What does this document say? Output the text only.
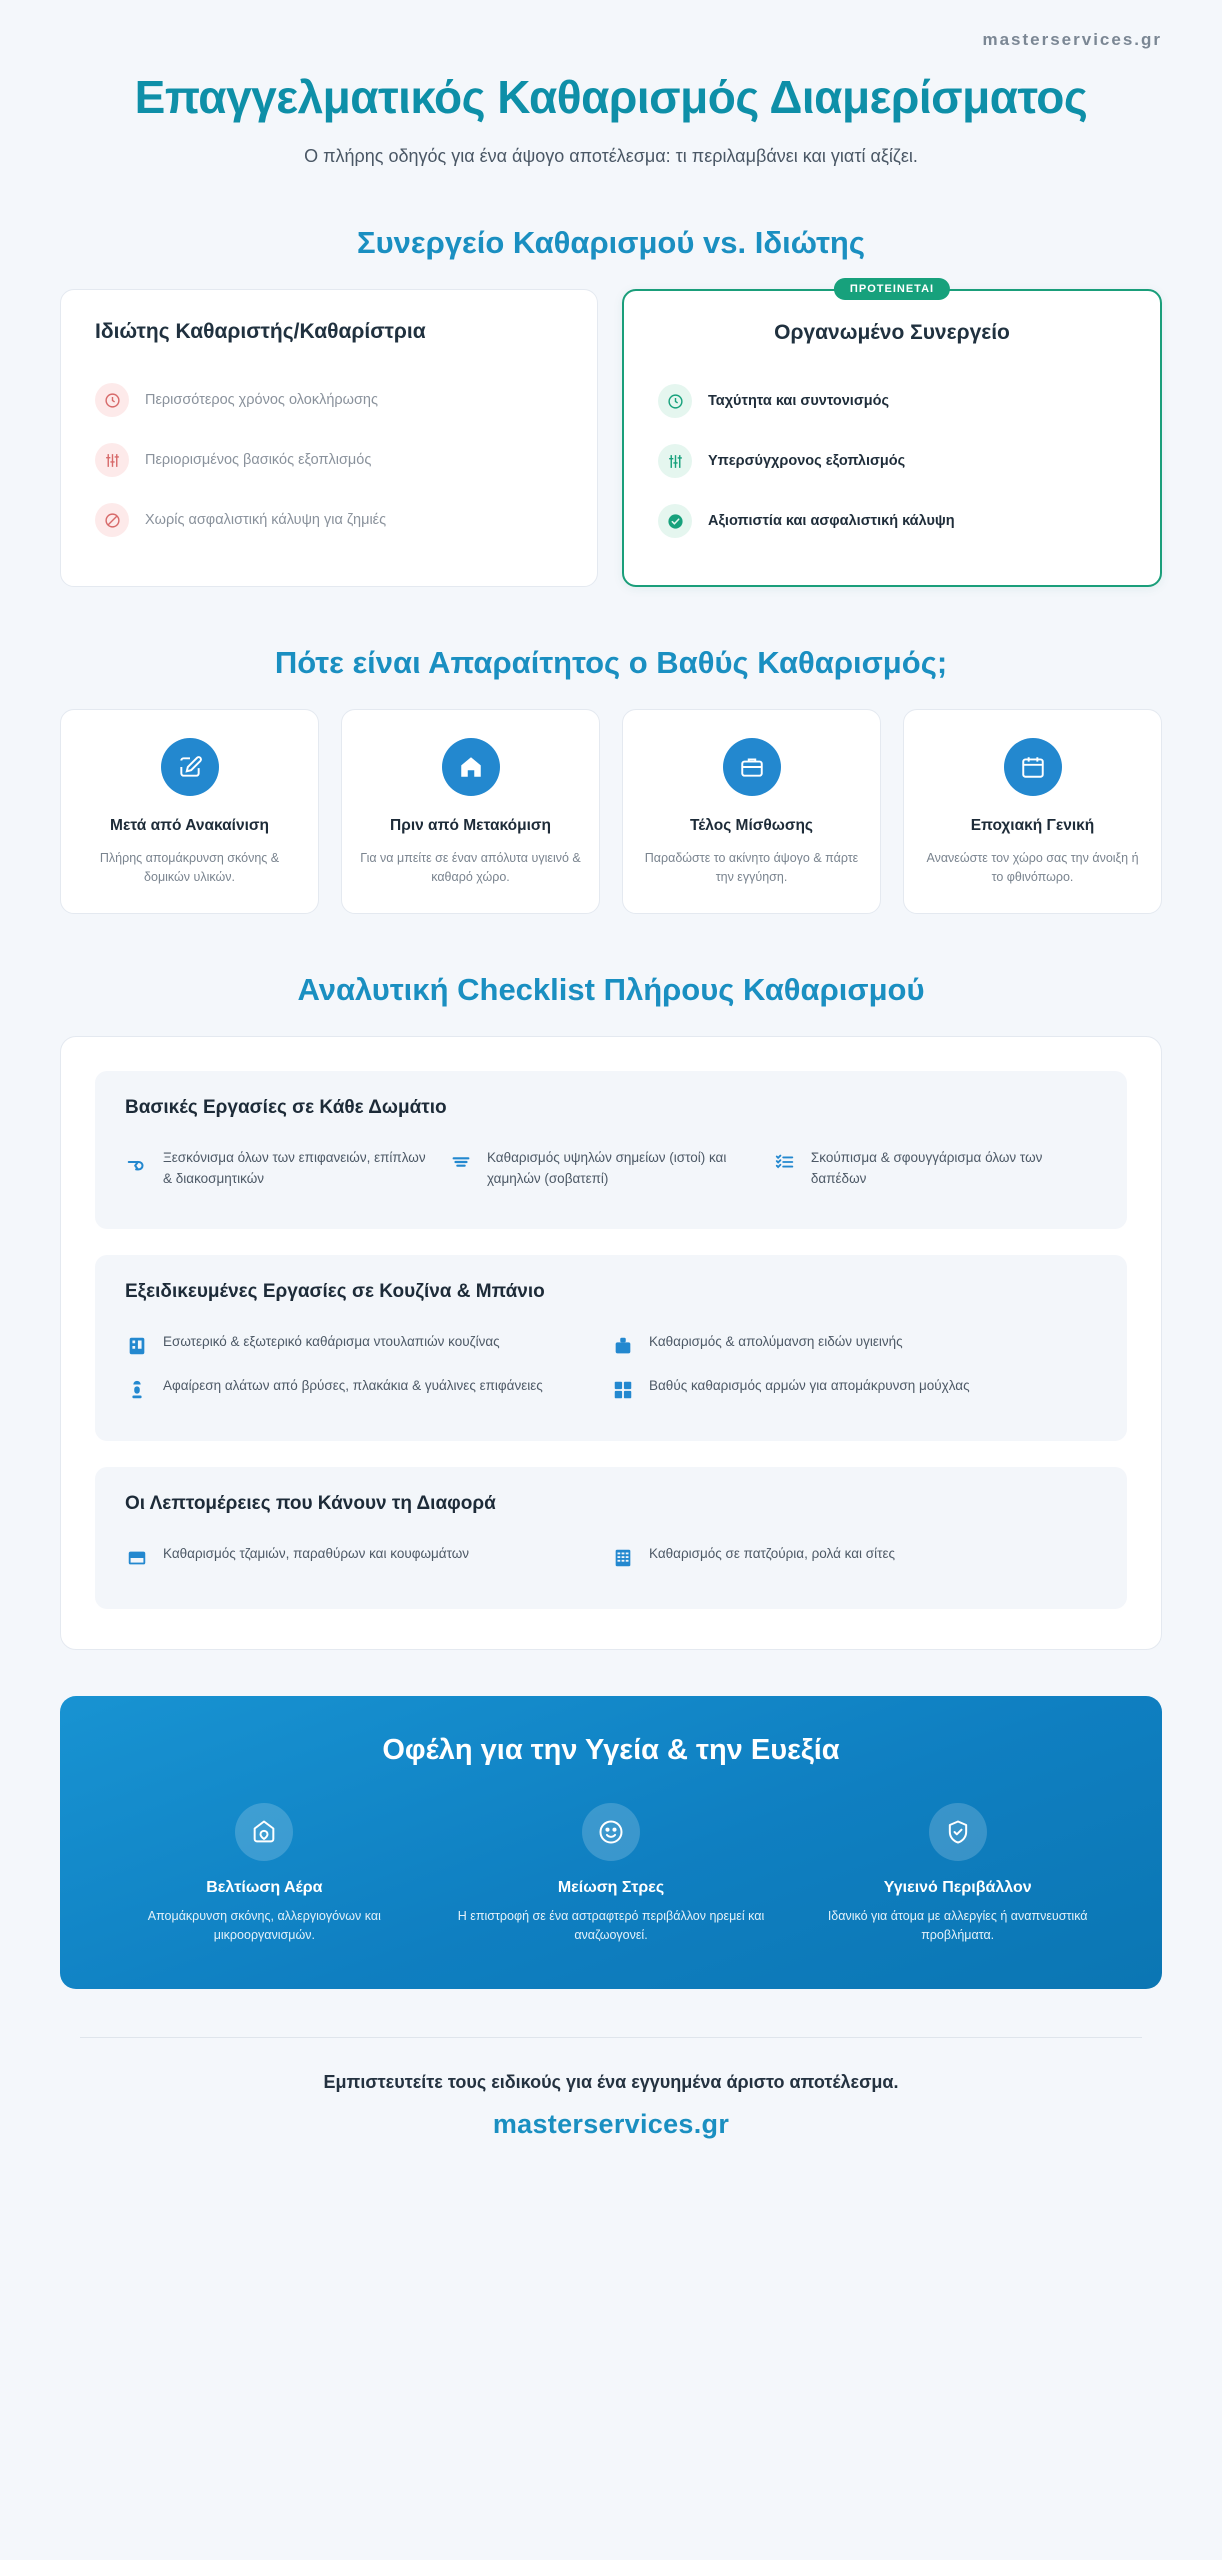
masterservices.gr
Επαγγελματικός Καθαρισμός Διαμερίσματος
Ο πλήρης οδηγός για ένα άψογο αποτέλεσμα: τι περιλαμβάνει και γιατί αξίζει.
Συνεργείο Καθαρισμού vs. Ιδιώτης
Ιδιώτης Καθαριστής/Καθαρίστρια
Περισσότερος χρόνος ολοκλήρωσης
Περιορισμένος βασικός εξοπλισμός
Χωρίς ασφαλιστική κάλυψη για ζημιές
ΠΡΟΤΕΙΝΕΤΑΙ
Οργανωμένο Συνεργείο
Ταχύτητα και συντονισμός
Υπερσύγχρονος εξοπλισμός
Αξιοπιστία και ασφαλιστική κάλυψη
Πότε είναι Απαραίτητος ο Βαθύς Καθαρισμός;
Μετά από Ανακαίνιση
Πλήρης απομάκρυνση σκόνης & δομικών υλικών.
Πριν από Μετακόμιση
Για να μπείτε σε έναν απόλυτα υγιεινό & καθαρό χώρο.
Τέλος Μίσθωσης
Παραδώστε το ακίνητο άψογο & πάρτε την εγγύηση.
Εποχιακή Γενική
Ανανεώστε τον χώρο σας την άνοιξη ή το φθινόπωρο.
Αναλυτική Checklist Πλήρους Καθαρισμού
Βασικές Εργασίες σε Κάθε Δωμάτιο
Ξεσκόνισμα όλων των επιφανειών, επίπλων & διακοσμητικών
Καθαρισμός υψηλών σημείων (ιστοί) και χαμηλών (σοβατεπί)
Σκούπισμα & σφουγγάρισμα όλων των δαπέδων
Εξειδικευμένες Εργασίες σε Κουζίνα & Μπάνιο
Εσωτερικό & εξωτερικό καθάρισμα ντουλαπιών κουζίνας	Καθαρισμός & απολύμανση ειδών υγιεινής
Αφαίρεση αλάτων από βρύσες, πλακάκια & γυάλινες επιφάνειες	Βαθύς καθαρισμός αρμών για απομάκρυνση μούχλας
Οι Λεπτομέρειες που Κάνουν τη Διαφορά
Καθαρισμός τζαμιών, παραθύρων και κουφωμάτων	Καθαρισμός σε πατζούρια, ρολά και σίτες
Οφέλη για την Υγεία & την Ευεξία
Βελτίωση Αέρα
Απομάκρυνση σκόνης, αλλεργιογόνων και μικροοργανισμών.
Μείωση Στρες
Η επιστροφή σε ένα αστραφτερό περιβάλλον ηρεμεί και αναζωογονεί.
Υγιεινό Περιβάλλον
Ιδανικό για άτομα με αλλεργίες ή αναπνευστικά προβλήματα.
Εμπιστευτείτε τους ειδικούς για ένα εγγυημένα άριστο αποτέλεσμα.
masterservices.gr
